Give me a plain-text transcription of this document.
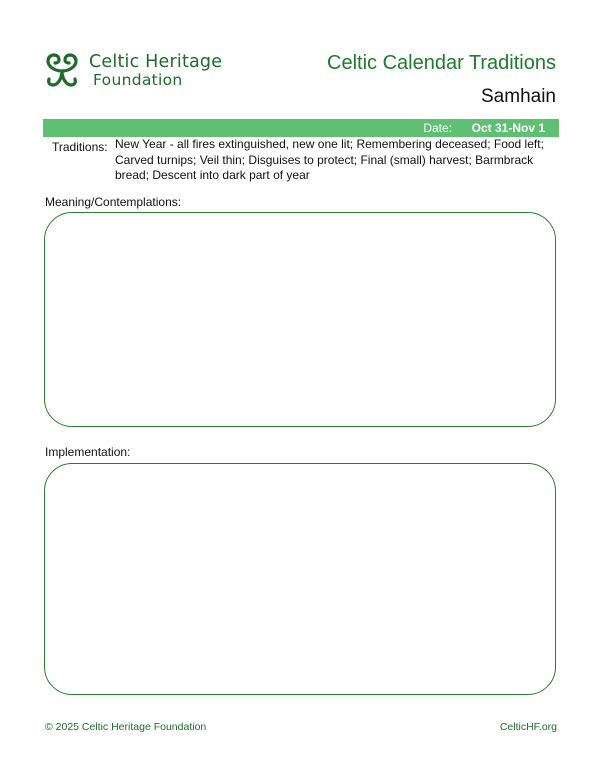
Celtic Heritage
Foundation
Celtic Calendar Traditions
Samhain
Date: Oct 31-Nov 1
Traditions: New Year - all fires extinguished, new one lit; Remembering deceased; Food left; Carved turnips; Veil thin; Disguises to protect; Final (small) harvest; Barmbrack bread; Descent into dark part of year
Meaning/Contemplations:
Implementation:
© 2025 Celtic Heritage Foundation	CelticHF.org
